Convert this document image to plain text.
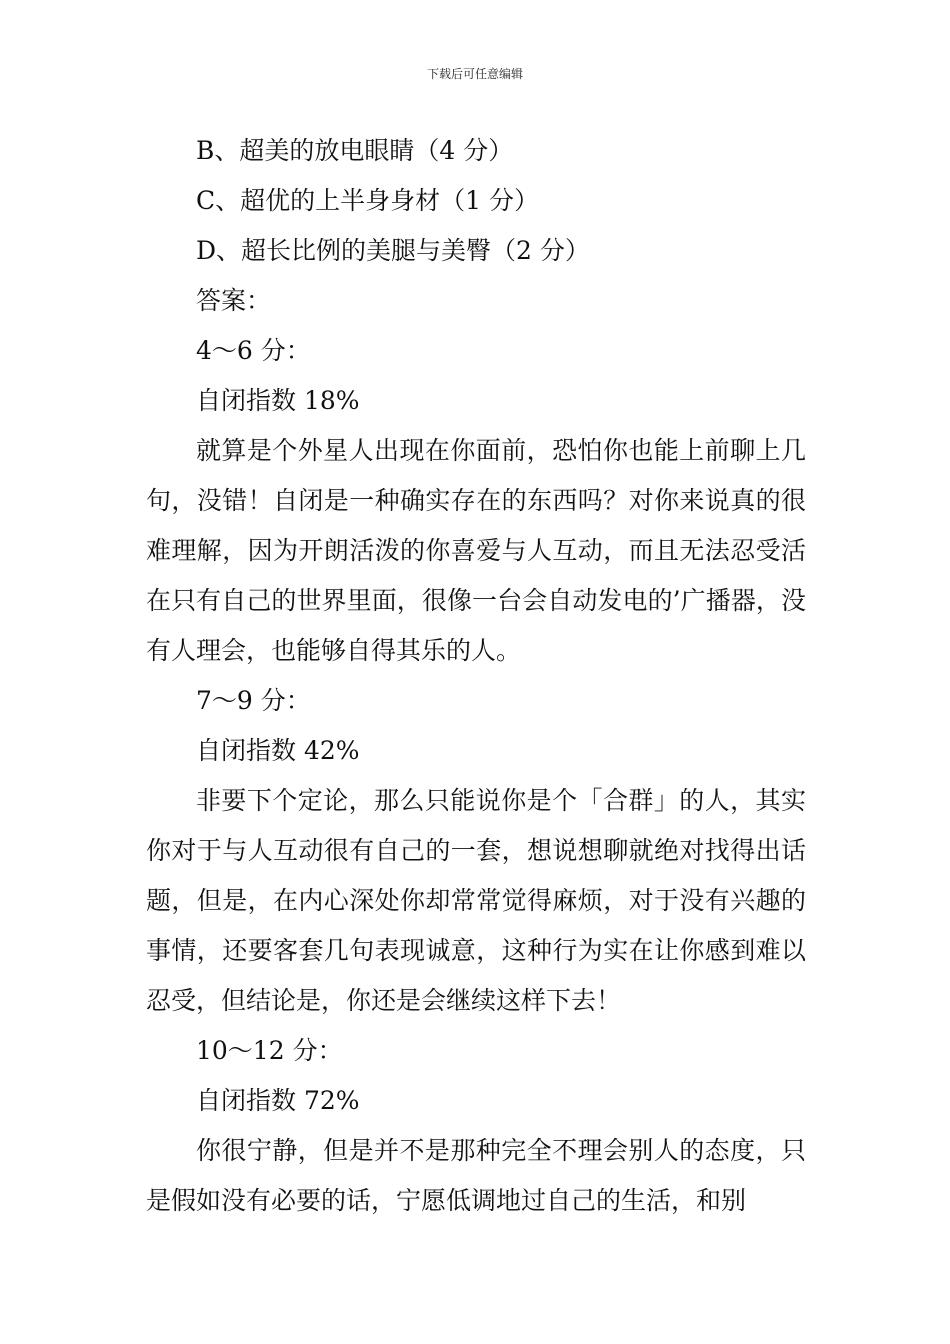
下载后可任意编辑

B、超美的放电眼睛（4 分）

C、超优的上半身身材（1 分）

D、超长比例的美腿与美臀（2 分）

答案：

4～6 分：

自闭指数 18%

就算是个外星人出现在你面前，恐怕你也能上前聊上几句，没错！自闭是一种确实存在的东西吗？对你来说真的很难理解，因为开朗活泼的你喜爱与人互动，而且无法忍受活在只有自己的世界里面，很像一台会自动发电的’广播器，没有人理会，也能够自得其乐的人。

7～9 分：

自闭指数 42%

非要下个定论，那么只能说你是个「合群」的人，其实你对于与人互动很有自己的一套，想说想聊就绝对找得出话题，但是，在内心深处你却常常觉得麻烦，对于没有兴趣的事情，还要客套几句表现诚意，这种行为实在让你感到难以忍受，但结论是，你还是会继续这样下去！

10～12 分：

自闭指数 72%

你很宁静，但是并不是那种完全不理会别人的态度，只是假如没有必要的话，宁愿低调地过自己的生活，和别
